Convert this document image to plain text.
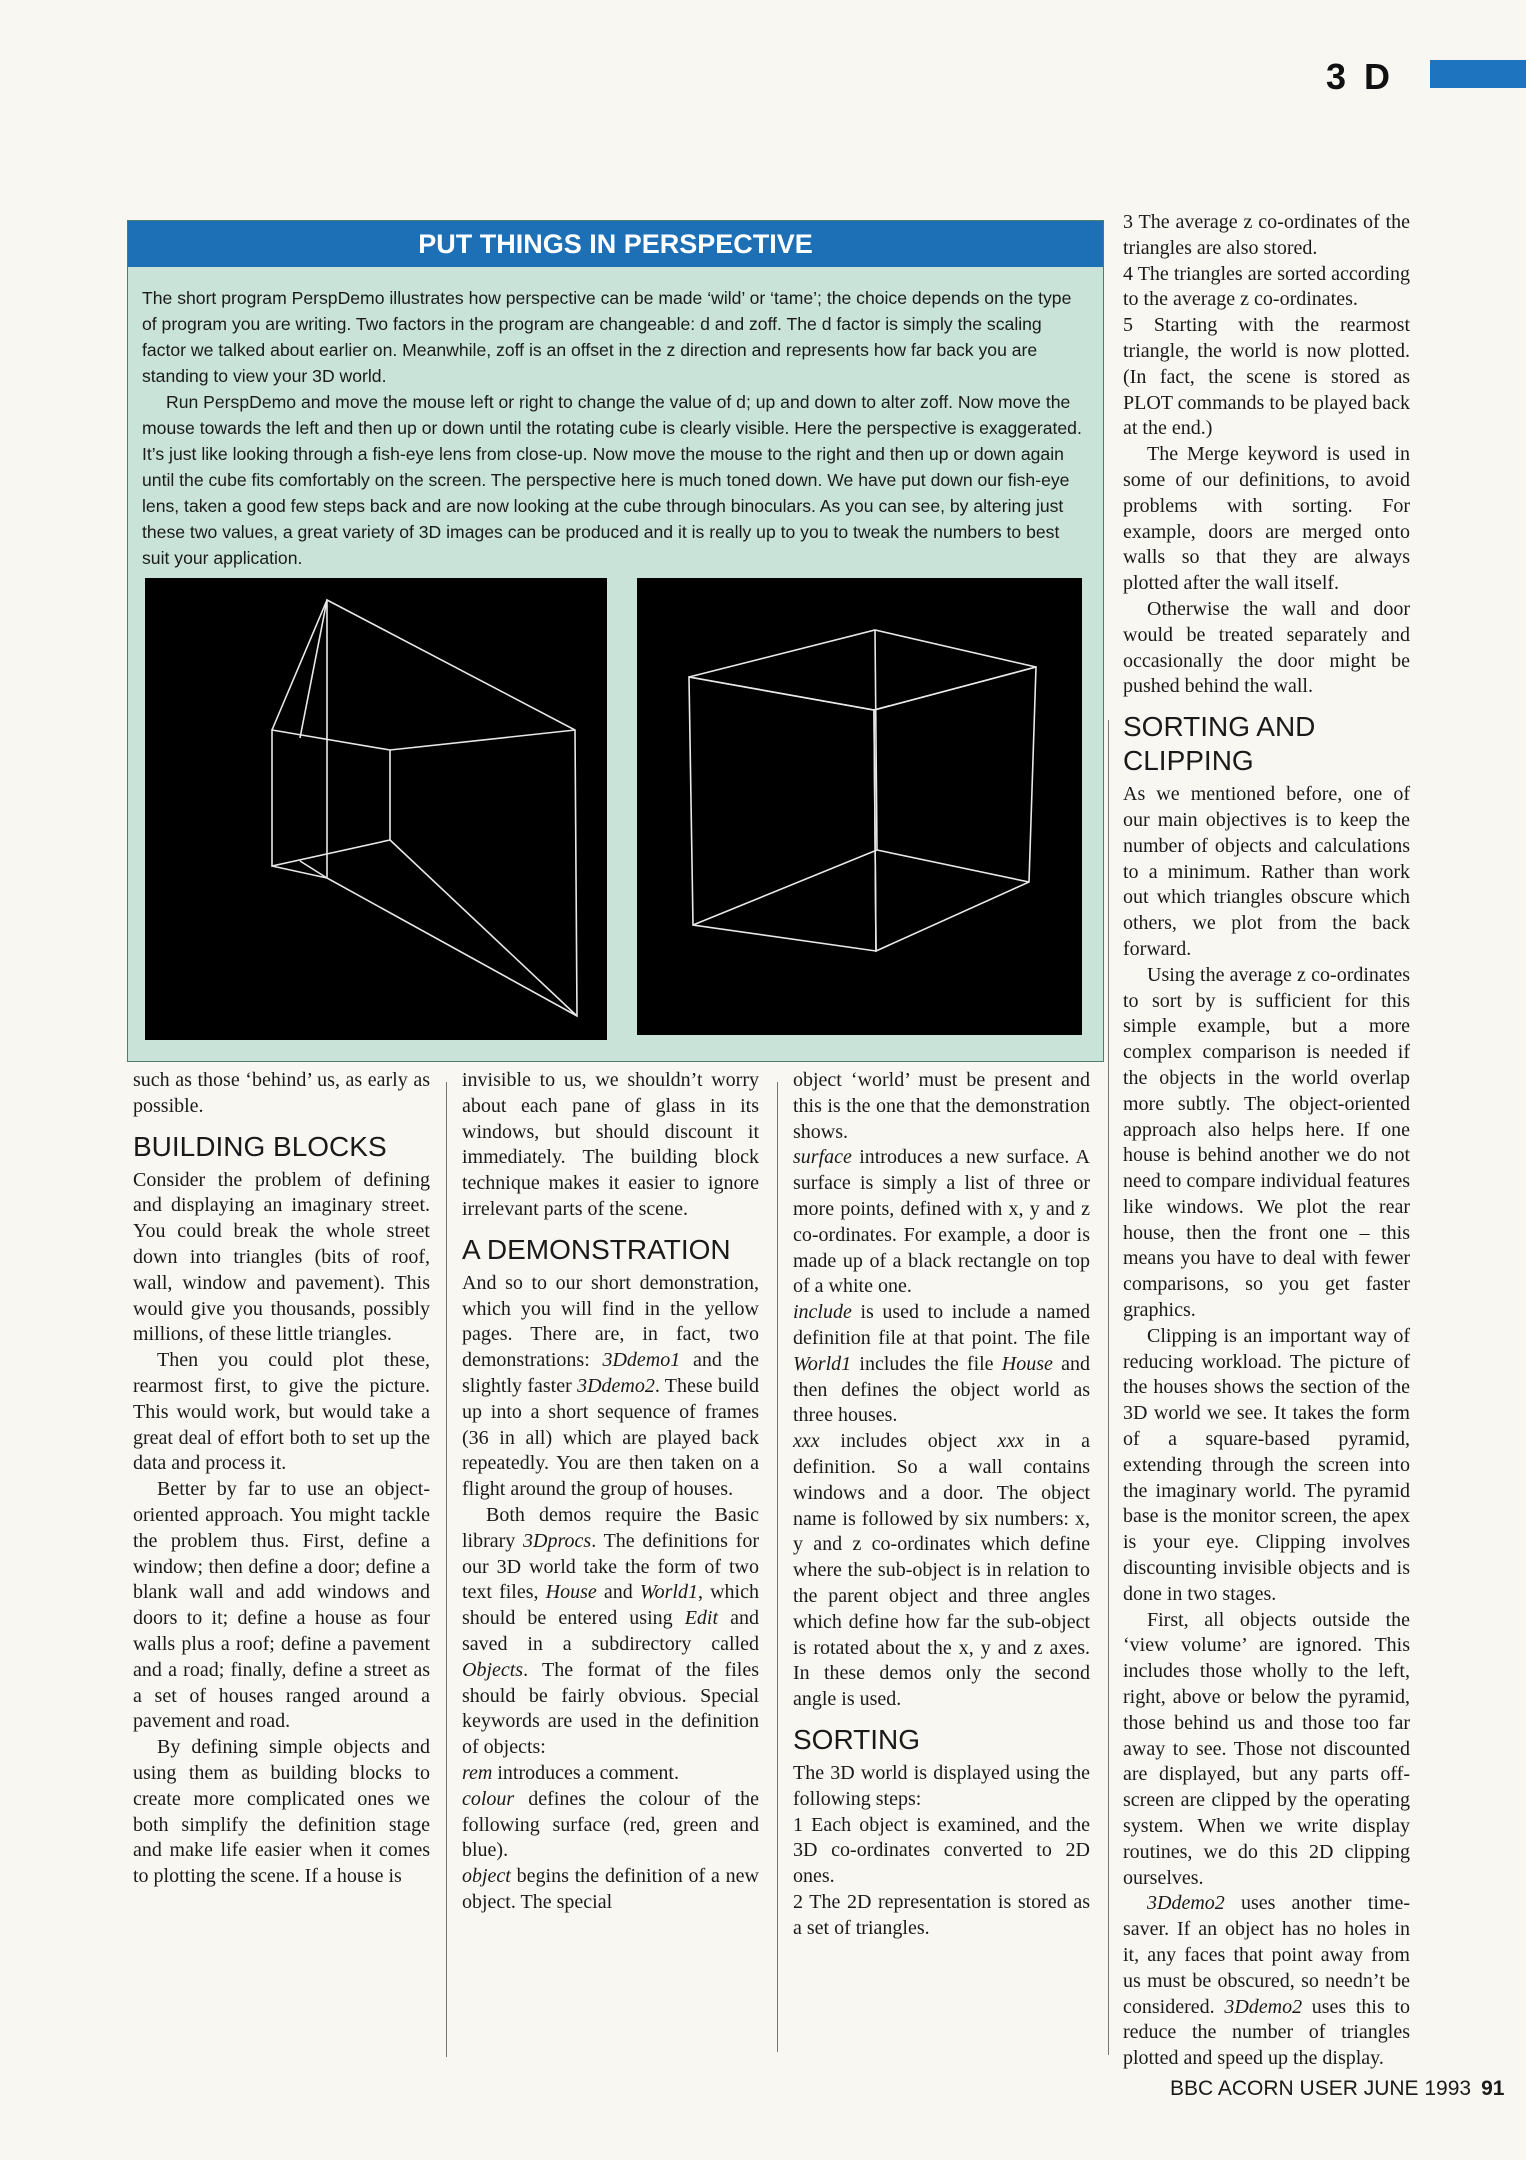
3 D
PUT THINGS IN PERSPECTIVE

The short program PerspDemo illustrates how perspective can be made ‘wild’ or ‘tame’; the choice depends on the type of program you are writing. Two factors in the program are changeable: d and zoff. The d factor is simply the scaling factor we talked about earlier on. Meanwhile, zoff is an offset in the z direction and represents how far back you are standing to view your 3D world.

Run PerspDemo and move the mouse left or right to change the value of d; up and down to alter zoff. Now move the mouse towards the left and then up or down until the rotating cube is clearly visible. Here the perspective is exaggerated. It’s just like looking through a fish-eye lens from close-up. Now move the mouse to the right and then up or down again until the cube fits comfortably on the screen. The perspective here is much toned down. We have put down our fish-eye lens, taken a good few steps back and are now looking at the cube through binoculars. As you can see, by altering just these two values, a great variety of 3D images can be produced and it is really up to you to tweak the numbers to best suit your application.

such as those ‘behind’ us, as early as possible.

BUILDING BLOCKS

Consider the problem of defining and displaying an imaginary street. You could break the whole street down into triangles (bits of roof, wall, window and pavement). This would give you thousands, possibly millions, of these little triangles.

Then you could plot these, rearmost first, to give the picture. This would work, but would take a great deal of effort both to set up the data and process it.

Better by far to use an object-oriented approach. You might tackle the problem thus. First, define a window; then define a door; define a blank wall and add windows and doors to it; define a house as four walls plus a roof; define a pavement and a road; finally, define a street as a set of houses ranged around a pavement and road.

By defining simple objects and using them as building blocks to create more complicated ones we both simplify the definition stage and make life easier when it comes to plotting the scene. If a house is

invisible to us, we shouldn’t worry about each pane of glass in its windows, but should discount it immediately. The building block technique makes it easier to ignore irrelevant parts of the scene.

A DEMONSTRATION

And so to our short demonstration, which you will find in the yellow pages. There are, in fact, two demonstrations: 3Ddemo1 and the slightly faster 3Ddemo2. These build up into a short sequence of frames (36 in all) which are played back repeatedly. You are then taken on a flight around the group of houses.

Both demos require the Basic library 3Dprocs. The definitions for our 3D world take the form of two text files, House and World1, which should be entered using Edit and saved in a subdirectory called Objects. The format of the files should be fairly obvious. Special keywords are used in the definition of objects:

rem introduces a comment.

colour defines the colour of the following surface (red, green and blue).

object begins the definition of a new object. The special

object ‘world’ must be present and this is the one that the demonstration shows.

surface introduces a new surface. A surface is simply a list of three or more points, defined with x, y and z co-ordinates. For example, a door is made up of a black rectangle on top of a white one.

include is used to include a named definition file at that point. The file World1 includes the file House and then defines the object world as three houses.

xxx includes object xxx in a definition. So a wall contains windows and a door. The object name is followed by six numbers: x, y and z co-ordinates which define where the sub-object is in relation to the parent object and three angles which define how far the sub-object is rotated about the x, y and z axes. In these demos only the second angle is used.

SORTING

The 3D world is displayed using the following steps:

1 Each object is examined, and the 3D co-ordinates converted to 2D ones.

2 The 2D representation is stored as a set of triangles.

3 The average z co-ordinates of the triangles are also stored.

4 The triangles are sorted according to the average z co-ordinates.

5 Starting with the rearmost triangle, the world is now plotted. (In fact, the scene is stored as PLOT commands to be played back at the end.)

The Merge keyword is used in some of our definitions, to avoid problems with sorting. For example, doors are merged onto walls so that they are always plotted after the wall itself.

Otherwise the wall and door would be treated separately and occasionally the door might be pushed behind the wall.

SORTING AND CLIPPING

As we mentioned before, one of our main objectives is to keep the number of objects and calculations to a minimum. Rather than work out which triangles obscure which others, we plot from the back forward.

Using the average z co-ordinates to sort by is sufficient for this simple example, but a more complex comparison is needed if the objects in the world overlap more subtly. The object-oriented approach also helps here. If one house is behind another we do not need to compare individual features like windows. We plot the rear house, then the front one – this means you have to deal with fewer comparisons, so you get faster graphics.

Clipping is an important way of reducing workload. The picture of the houses shows the section of the 3D world we see. It takes the form of a square-based pyramid, extending through the screen into the imaginary world. The pyramid base is the monitor screen, the apex is your eye. Clipping involves discounting invisible objects and is done in two stages.

First, all objects outside the ‘view volume’ are ignored. This includes those wholly to the left, right, above or below the pyramid, those behind us and those too far away to see. Those not discounted are displayed, but any parts off-screen are clipped by the operating system. When we write display routines, we do this 2D clipping ourselves.

3Ddemo2 uses another time-saver. If an object has no holes in it, any faces that point away from us must be obscured, so needn’t be considered. 3Ddemo2 uses this to reduce the number of triangles plotted and speed up the display.

BBC ACORN USER JUNE 1993 91
